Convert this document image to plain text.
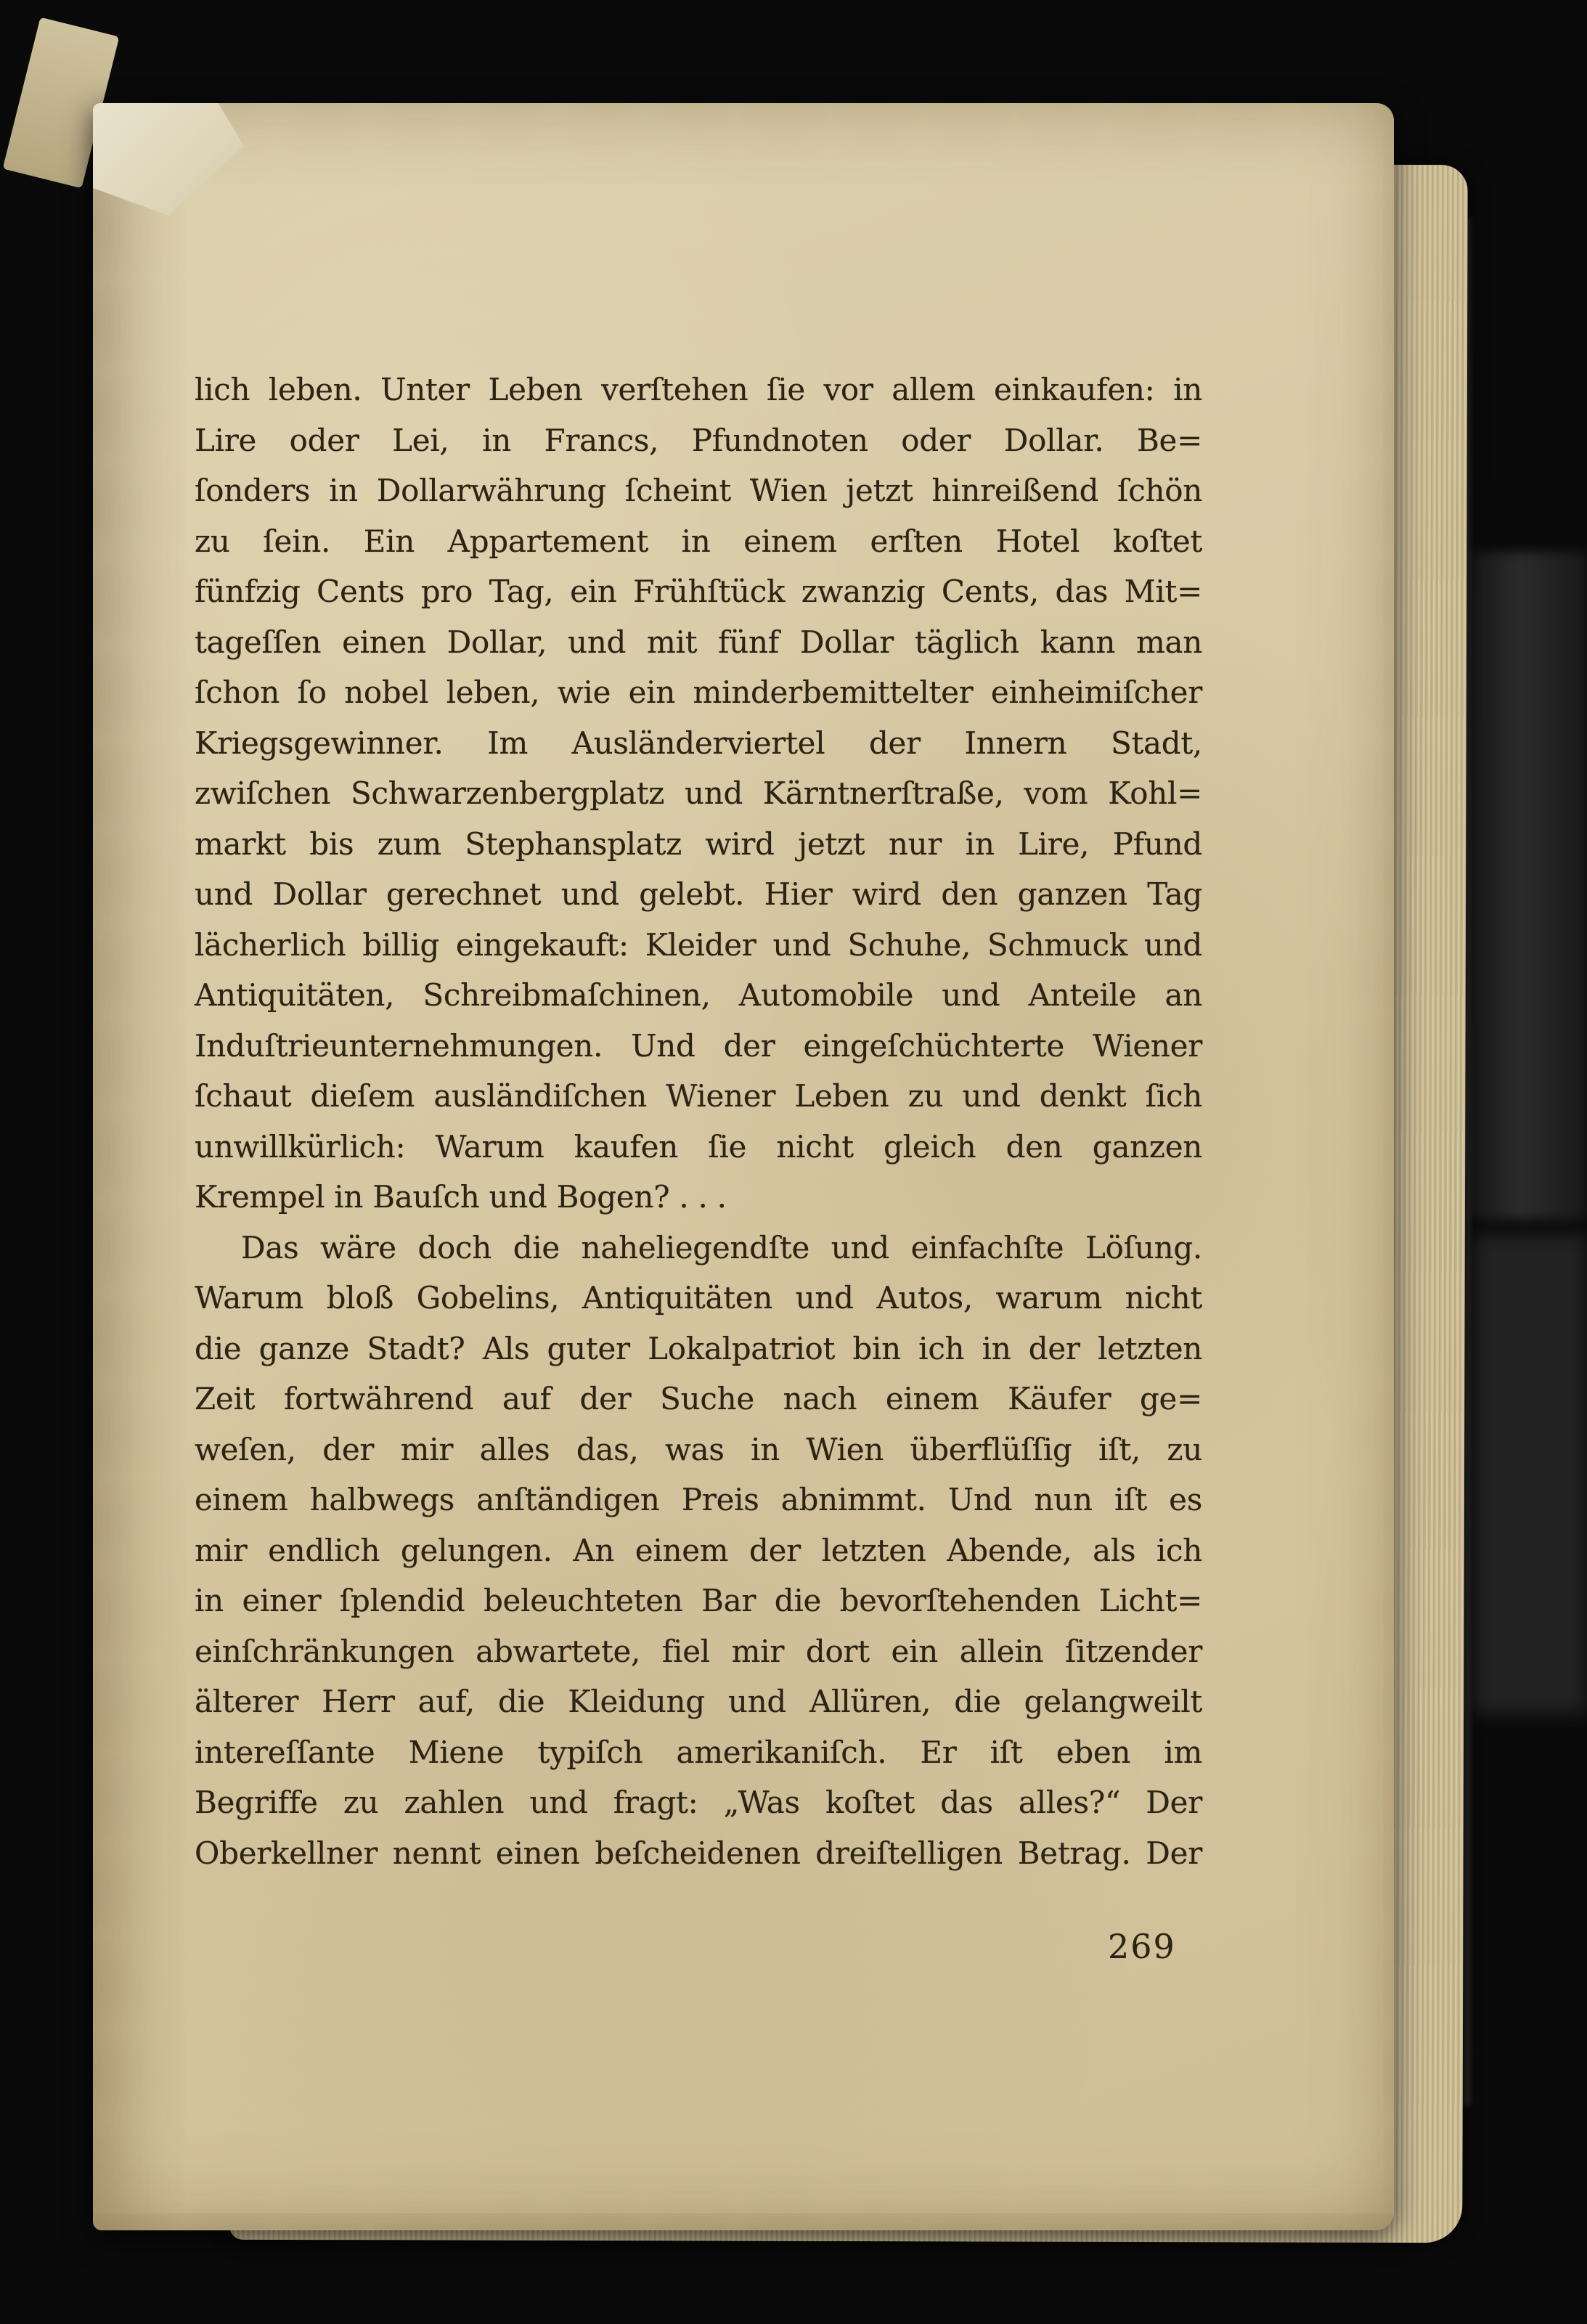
lich leben. Unter Leben verſtehen ſie vor allem einkaufen: in
Lire oder Lei, in Francs, Pfundnoten oder Dollar. Be=
ſonders in Dollarwährung ſcheint Wien jetzt hinreißend ſchön
zu ſein. Ein Appartement in einem erſten Hotel koſtet
fünfzig Cents pro Tag, ein Frühſtück zwanzig Cents, das Mit=
tageſſen einen Dollar, und mit fünf Dollar täglich kann man
ſchon ſo nobel leben, wie ein minderbemittelter einheimiſcher
Kriegsgewinner. Im Ausländerviertel der Innern Stadt,
zwiſchen Schwarzenbergplatz und Kärntnerſtraße, vom Kohl=
markt bis zum Stephansplatz wird jetzt nur in Lire, Pfund
und Dollar gerechnet und gelebt. Hier wird den ganzen Tag
lächerlich billig eingekauft: Kleider und Schuhe, Schmuck und
Antiquitäten, Schreibmaſchinen, Automobile und Anteile an
Induſtrieunternehmungen. Und der eingeſchüchterte Wiener
ſchaut dieſem ausländiſchen Wiener Leben zu und denkt ſich
unwillkürlich: Warum kaufen ſie nicht gleich den ganzen
Krempel in Bauſch und Bogen? . . .
Das wäre doch die naheliegendſte und einfachſte Löſung.
Warum bloß Gobelins, Antiquitäten und Autos, warum nicht
die ganze Stadt? Als guter Lokalpatriot bin ich in der letzten
Zeit fortwährend auf der Suche nach einem Käufer ge=
weſen, der mir alles das, was in Wien überflüſſig iſt, zu
einem halbwegs anſtändigen Preis abnimmt. Und nun iſt es
mir endlich gelungen. An einem der letzten Abende, als ich
in einer ſplendid beleuchteten Bar die bevorſtehenden Licht=
einſchränkungen abwartete, fiel mir dort ein allein ſitzender
älterer Herr auf, die Kleidung und Allüren, die gelangweilt
intereſſante Miene typiſch amerikaniſch. Er iſt eben im
Begriffe zu zahlen und fragt: „Was koſtet das alles?“ Der
Oberkellner nennt einen beſcheidenen dreiſtelligen Betrag. Der
269
